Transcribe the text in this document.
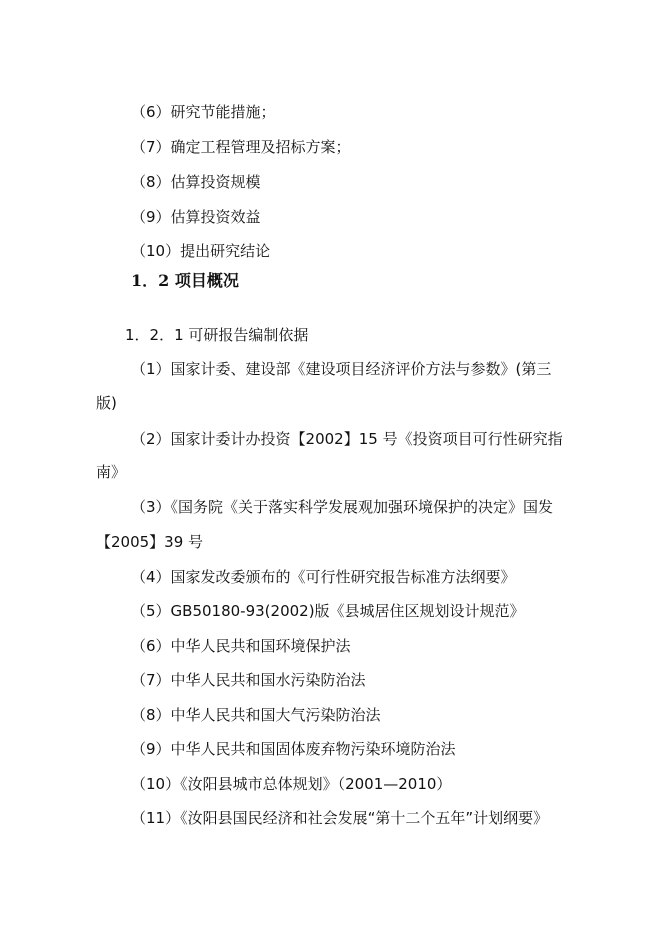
（6）研究节能措施；
（7）确定工程管理及招标方案；
（8）估算投资规模
（9）估算投资效益
（10）提出研究结论
1．2 项目概况
1．2．1 可研报告编制依据
（1）国家计委、建设部《建设项目经济评价方法与参数》(第三
版)
（2）国家计委计办投资【2002】15 号《投资项目可行性研究指
南》
（3）《国务院《关于落实科学发展观加强环境保护的决定》国发
【2005】39 号
（4）国家发改委颁布的《可行性研究报告标准方法纲要》
（5）GB50180-93(2002)版《县城居住区规划设计规范》
（6）中华人民共和国环境保护法
（7）中华人民共和国水污染防治法
（8）中华人民共和国大气污染防治法
（9）中华人民共和国固体废弃物污染环境防治法
（10）《汝阳县城市总体规划》（2001—2010）
（11）《汝阳县国民经济和社会发展“第十二个五年”计划纲要》
